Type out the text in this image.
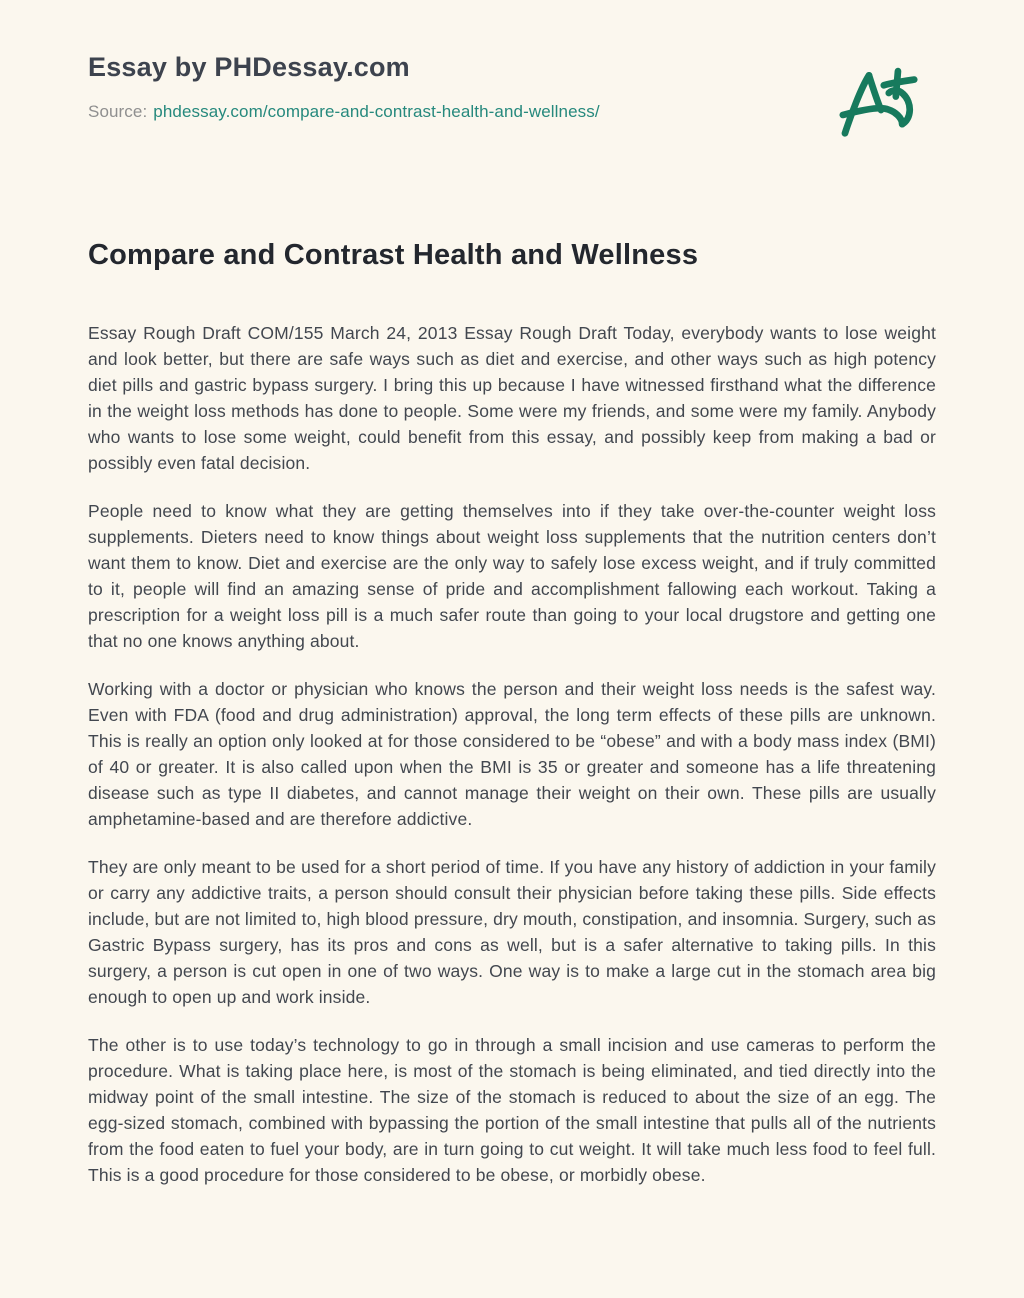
Essay by PHDessay.com
Source: phdessay.com/compare-and-contrast-health-and-wellness/
Compare and Contrast Health and Wellness

Essay Rough Draft COM/155 March 24, 2013 Essay Rough Draft Today, everybody wants to lose weight and look better, but there are safe ways such as diet and exercise, and other ways such as high potency diet pills and gastric bypass surgery. I bring this up because I have witnessed firsthand what the difference in the weight loss methods has done to people. Some were my friends, and some were my family. Anybody who wants to lose some weight, could benefit from this essay, and possibly keep from making a bad or possibly even fatal decision.

People need to know what they are getting themselves into if they take over-the-counter weight loss supplements. Dieters need to know things about weight loss supplements that the nutrition centers don’t want them to know. Diet and exercise are the only way to safely lose excess weight, and if truly committed to it, people will find an amazing sense of pride and accomplishment fallowing each workout. Taking a prescription for a weight loss pill is a much safer route than going to your local drugstore and getting one that no one knows anything about.

Working with a doctor or physician who knows the person and their weight loss needs is the safest way. Even with FDA (food and drug administration) approval, the long term effects of these pills are unknown. This is really an option only looked at for those considered to be “obese” and with a body mass index (BMI) of 40 or greater. It is also called upon when the BMI is 35 or greater and someone has a life threatening disease such as type II diabetes, and cannot manage their weight on their own. These pills are usually amphetamine-based and are therefore addictive.

They are only meant to be used for a short period of time. If you have any history of addiction in your family or carry any addictive traits, a person should consult their physician before taking these pills. Side effects include, but are not limited to, high blood pressure, dry mouth, constipation, and insomnia. Surgery, such as Gastric Bypass surgery, has its pros and cons as well, but is a safer alternative to taking pills. In this surgery, a person is cut open in one of two ways. One way is to make a large cut in the stomach area big enough to open up and work inside.

The other is to use today’s technology to go in through a small incision and use cameras to perform the procedure. What is taking place here, is most of the stomach is being eliminated, and tied directly into the midway point of the small intestine. The size of the stomach is reduced to about the size of an egg. The egg-sized stomach, combined with bypassing the portion of the small intestine that pulls all of the nutrients from the food eaten to fuel your body, are in turn going to cut weight. It will take much less food to feel full. This is a good procedure for those considered to be obese, or morbidly obese.
